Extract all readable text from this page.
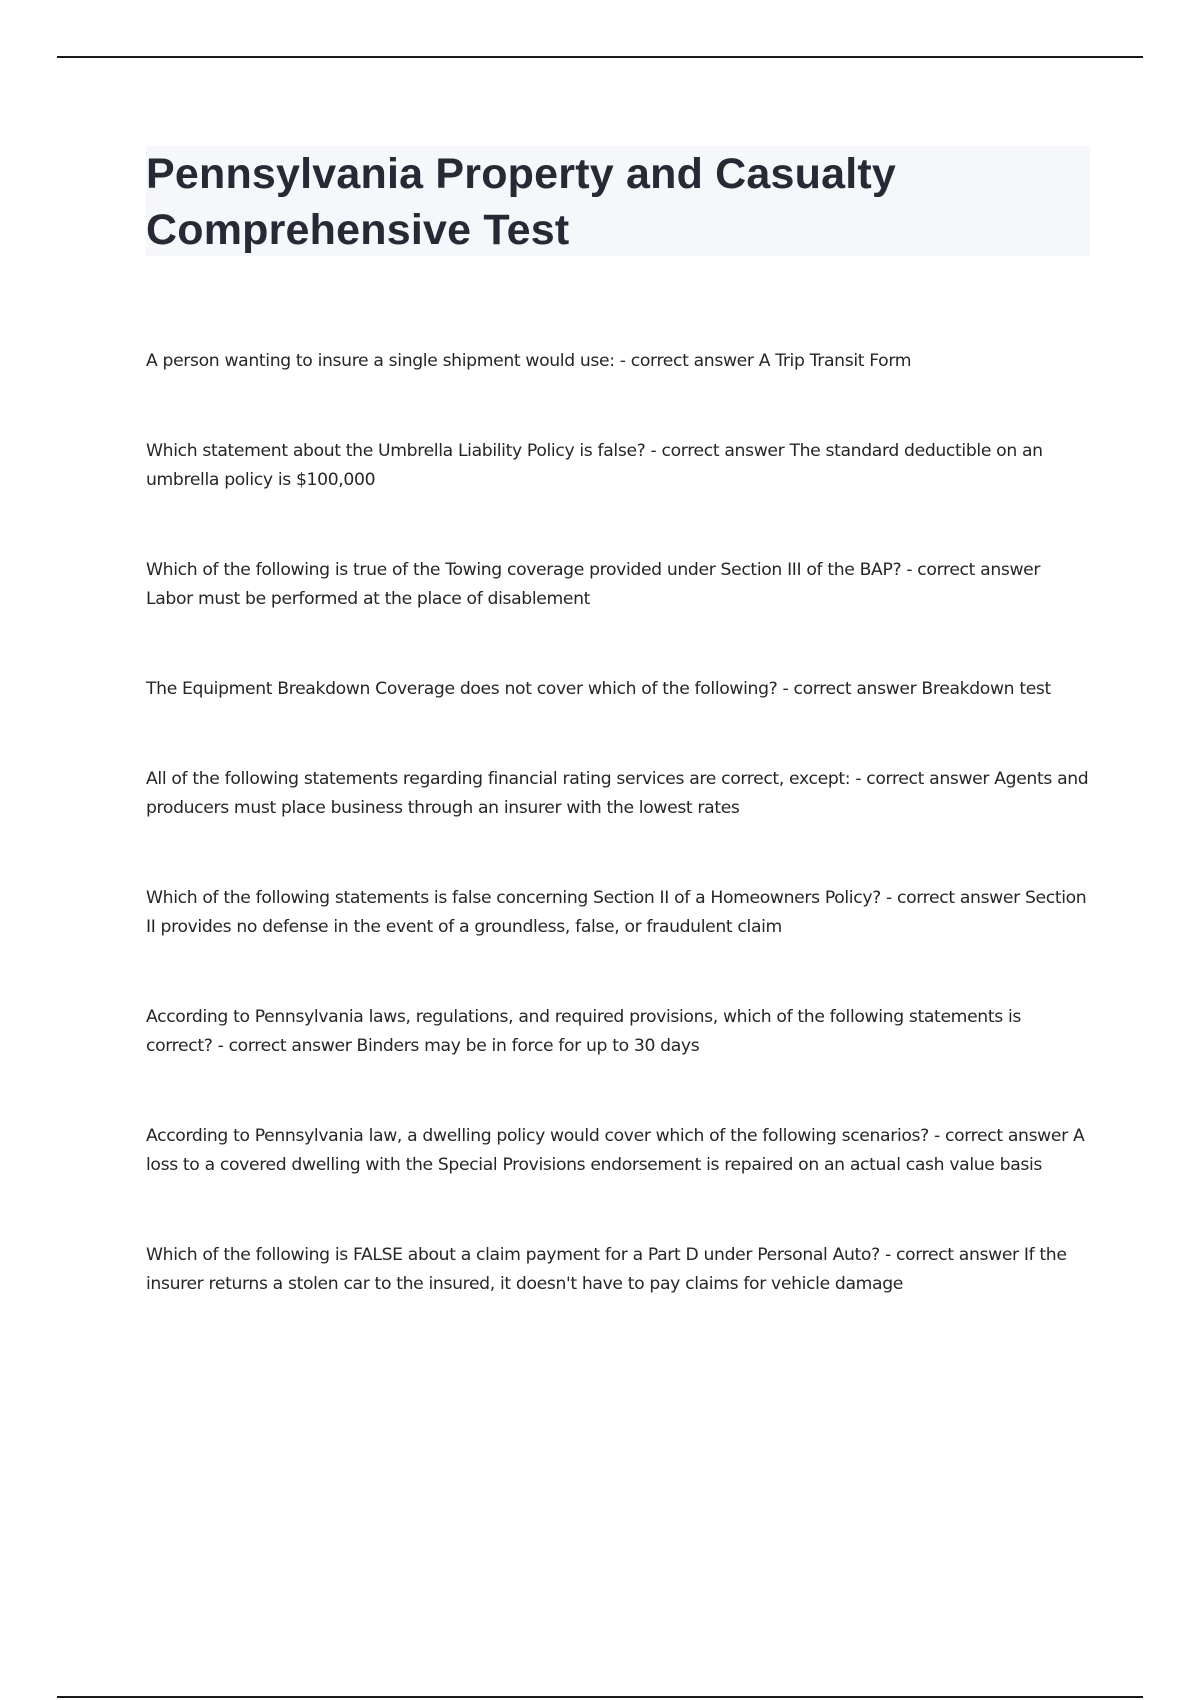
Pennsylvania Property and Casualty Comprehensive Test
A person wanting to insure a single shipment would use: - correct answer A Trip Transit Form
Which statement about the Umbrella Liability Policy is false? - correct answer The standard deductible on an umbrella policy is $100,000
Which of the following is true of the Towing coverage provided under Section III of the BAP? - correct answer Labor must be performed at the place of disablement
The Equipment Breakdown Coverage does not cover which of the following? - correct answer Breakdown test
All of the following statements regarding financial rating services are correct, except: - correct answer Agents and producers must place business through an insurer with the lowest rates
Which of the following statements is false concerning Section II of a Homeowners Policy? - correct answer Section II provides no defense in the event of a groundless, false, or fraudulent claim
According to Pennsylvania laws, regulations, and required provisions, which of the following statements is correct? - correct answer Binders may be in force for up to 30 days
According to Pennsylvania law, a dwelling policy would cover which of the following scenarios? - correct answer A loss to a covered dwelling with the Special Provisions endorsement is repaired on an actual cash value basis
Which of the following is FALSE about a claim payment for a Part D under Personal Auto? - correct answer If the insurer returns a stolen car to the insured, it doesn't have to pay claims for vehicle damage
